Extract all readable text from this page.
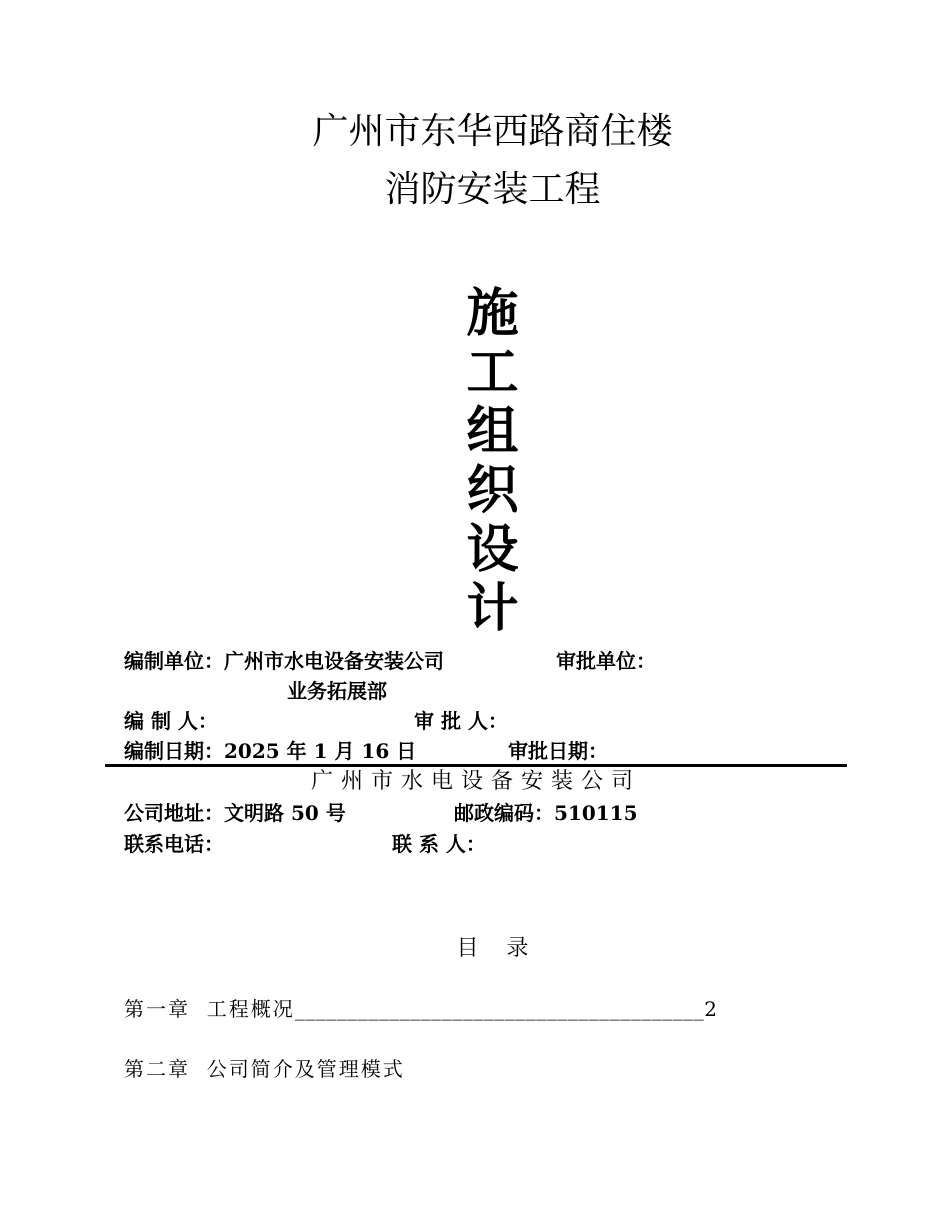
广州市东华西路商住楼
消防安装工程
施
工
组
织
设
计
编制单位：广州市水电设备安装公司	审批单位：
业务拓展部
编 制 人：	审 批 人：
编制日期：2025 年 1 月 16 日	审批日期：
广州市水电设备安装公司
公司地址：文明路 50 号	邮政编码：510115
联系电话：	联 系 人：
目    录
第一章  工程概况_______________________________________2
第二章  公司简介及管理模式
